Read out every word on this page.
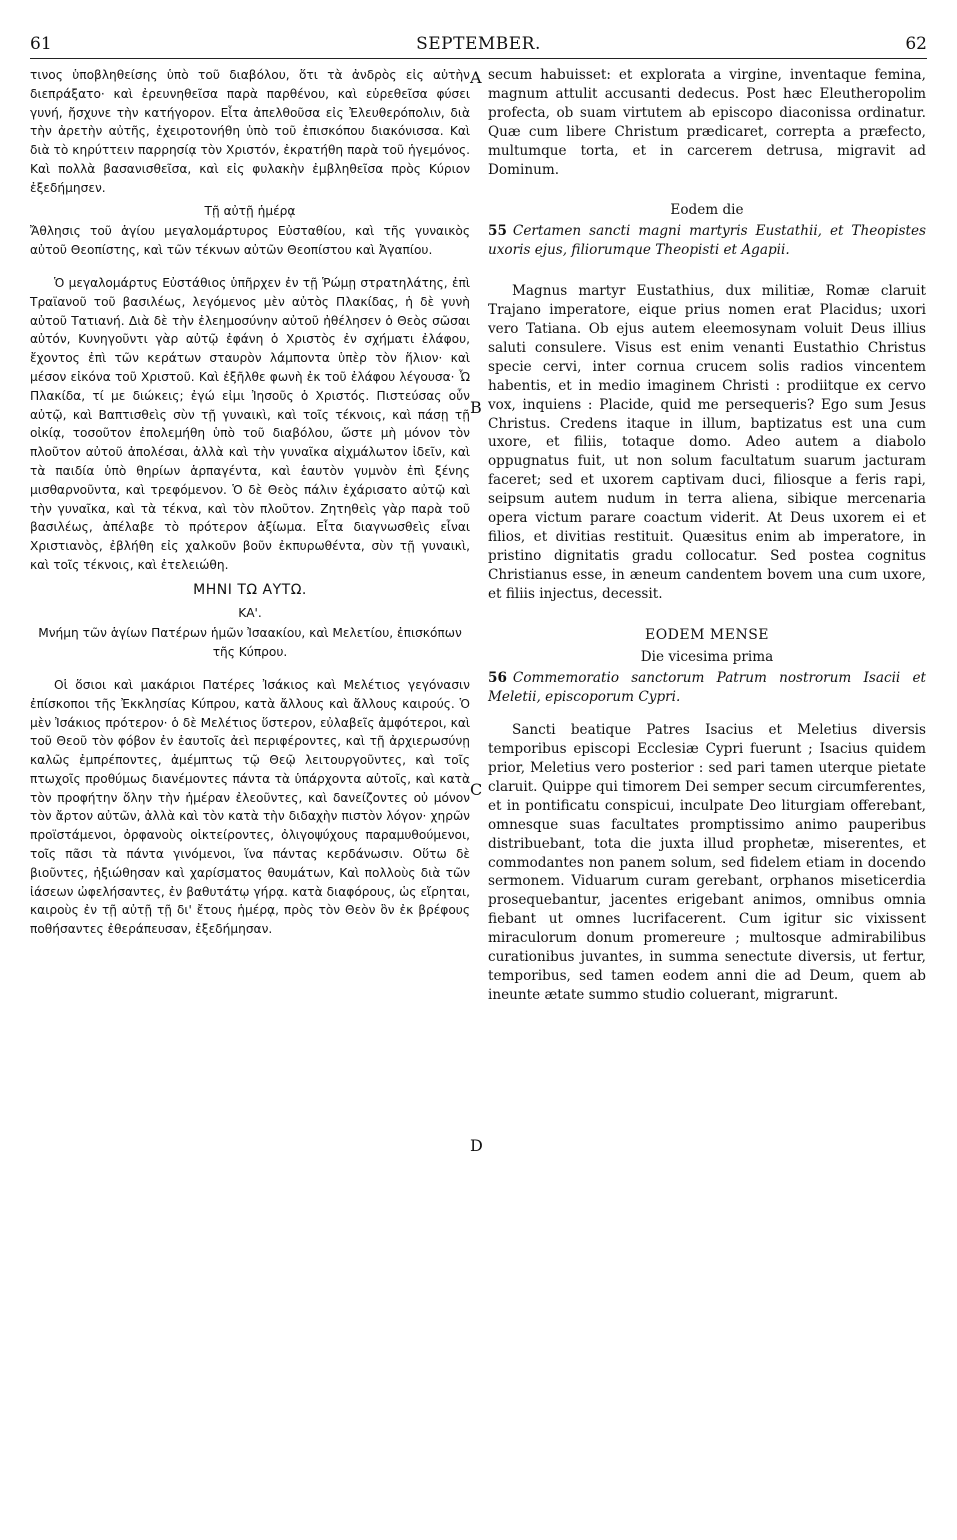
61	SEPTEMBER.	62
A
B
C
D

τινος ὑποβληθείσης ὑπὸ τοῦ διαβόλου, ὅτι τὰ ἀνδρὸς εἰς αὐτὴν διεπράξατο· καὶ ἐρευνηθεῖσα παρὰ παρθένου, καὶ εὑρεθεῖσα φύσει γυνή, ἤσχυνε τὴν κατήγορον. Εἶτα ἀπελθοῦσα εἰς Ἐλευθερόπολιν, διὰ τὴν ἀρετὴν αὐτῆς, ἐχειροτονήθη ὑπὸ τοῦ ἐπισκόπου διακόνισσα. Καὶ διὰ τὸ κηρύττειν παρρησίᾳ τὸν Χριστόν, ἐκρατήθη παρὰ τοῦ ἡγεμόνος. Καὶ πολλὰ βασανισθεῖσα, καὶ εἰς φυλακὴν ἐμβληθεῖσα πρὸς Κύριον ἐξεδήμησεν.

Τῇ αὐτῇ ἡμέρᾳ

Ἄθλησις τοῦ ἁγίου μεγαλομάρτυρος Εὐσταθίου, καὶ τῆς γυναικὸς αὐτοῦ Θεοπίστης, καὶ τῶν τέκνων αὐτῶν Θεοπίστου καὶ Ἀγαπίου.

Ὁ μεγαλομάρτυς Εὐστάθιος ὑπῆρχεν ἐν τῇ Ῥώμῃ στρατηλάτης, ἐπὶ Τραϊανοῦ τοῦ βασιλέως, λεγόμενος μὲν αὐτὸς Πλακίδας, ἡ δὲ γυνὴ αὐτοῦ Τατιανή. Διὰ δὲ τὴν ἐλεημοσύνην αὐτοῦ ἠθέλησεν ὁ Θεὸς σῶσαι αὐτόν, Κυνηγοῦντι γὰρ αὐτῷ ἐφάνη ὁ Χριστὸς ἐν σχήματι ἐλάφου, ἔχοντος ἐπὶ τῶν κεράτων σταυρὸν λάμποντα ὑπὲρ τὸν ἥλιον· καὶ μέσον εἰκόνα τοῦ Χριστοῦ. Καὶ ἐξῆλθε φωνὴ ἐκ τοῦ ἐλάφου λέγουσα· Ὦ Πλακίδα, τί με διώκεις; ἐγώ εἰμι Ἰησοῦς ὁ Χριστός. Πιστεύσας οὖν αὐτῷ, καὶ Βαπτισθεὶς σὺν τῇ γυναικὶ, καὶ τοῖς τέκνοις, καὶ πάσῃ τῇ οἰκίᾳ, τοσοῦτον ἐπολεμήθη ὑπὸ τοῦ διαβόλου, ὥστε μὴ μόνον τὸν πλοῦτον αὐτοῦ ἀπολέσαι, ἀλλὰ καὶ τὴν γυναῖκα αἰχμάλωτον ἰδεῖν, καὶ τὰ παιδία ὑπὸ θηρίων ἁρπαγέντα, καὶ ἑαυτὸν γυμνὸν ἐπὶ ξένης μισθαρνοῦντα, καὶ τρεφόμενον. Ὁ δὲ Θεὸς πάλιν ἐχάρισατο αὐτῷ καὶ τὴν γυναῖκα, καὶ τὰ τέκνα, καὶ τὸν πλοῦτον. Ζητηθεὶς γὰρ παρὰ τοῦ βασιλέως, ἀπέλαβε τὸ πρότερον ἀξίωμα. Εἶτα διαγνωσθεὶς εἶναι Χριστιανὸς, ἐβλήθη εἰς χαλκοῦν βοῦν ἐκπυρωθέντα, σὺν τῇ γυναικὶ, καὶ τοῖς τέκνοις, καὶ ἐτελειώθη.

ΜΗΝΙ ΤΩ ΑΥΤΩ.

ΚΑ'.

Μνήμη τῶν ἁγίων Πατέρων ἡμῶν Ἰσαακίου, καὶ Μελετίου, ἐπισκόπων τῆς Κύπρου.

Οἱ ὅσιοι καὶ μακάριοι Πατέρες Ἰσάκιος καὶ Μελέτιος γεγόνασιν ἐπίσκοποι τῆς Ἐκκλησίας Κύπρου, κατὰ ἄλλους καὶ ἄλλους καιρούς. Ὁ μὲν Ἰσάκιος πρότερον· ὁ δὲ Μελέτιος ὕστερον, εὐλαβεῖς ἀμφότεροι, καὶ τοῦ Θεοῦ τὸν φόβον ἐν ἑαυτοῖς ἀεὶ περιφέροντες, καὶ τῇ ἀρχιερωσύνῃ καλῶς ἐμπρέποντες, ἀμέμπτως τῷ Θεῷ λειτουργοῦντες, καὶ τοῖς πτωχοῖς προθύμως διανέμοντες πάντα τὰ ὑπάρχοντα αὐτοῖς, καὶ κατὰ τὸν προφήτην ὅλην τὴν ἡμέραν ἐλεοῦντες, καὶ δανείζοντες οὐ μόνον τὸν ἄρτον αὐτῶν, ἀλλὰ καὶ τὸν κατὰ τὴν διδαχὴν πιστὸν λόγον· χηρῶν προϊστάμενοι, ὀρφανοὺς οἰκτείροντες, ὀλιγοψύχους παραμυθούμενοι, τοῖς πᾶσι τὰ πάντα γινόμενοι, ἵνα πάντας κερδάνωσιν. Οὕτω δὲ βιοῦντες, ἠξιώθησαν καὶ χαρίσματος θαυμάτων, Καὶ πολλοὺς διὰ τῶν ἰάσεων ὠφελήσαντες, ἐν βαθυτάτῳ γήρᾳ. κατὰ διαφόρους, ὡς εἴρηται, καιροὺς ἐν τῇ αὐτῇ τῇ δι' ἔτους ἡμέρᾳ, πρὸς τὸν Θεὸν ὃν ἐκ βρέφους ποθήσαντες ἐθεράπευσαν, ἐξεδήμησαν.

secum habuisset: et explorata a virgine, inventaque femina, magnum attulit accusanti dedecus. Post hæc Eleutheropolim profecta, ob suam virtutem ab episcopo diaconissa ordinatur. Quæ cum libere Christum prædicaret, correpta a præfecto, multumque torta, et in carcerem detrusa, migravit ad Dominum.

Eodem die

55 Certamen sancti magni martyris Eustathii, et Theopistes uxoris ejus, filiorumque Theopisti et Agapii.

Magnus martyr Eustathius, dux militiæ, Romæ claruit Trajano imperatore, eique prius nomen erat Placidus; uxori vero Tatiana. Ob ejus autem eleemosynam voluit Deus illius saluti consulere. Visus est enim venanti Eustathio Christus specie cervi, inter cornua crucem solis radios vincentem habentis, et in medio imaginem Christi : prodiitque ex cervo vox, inquiens : Placide, quid me persequeris? Ego sum Jesus Christus. Credens itaque in illum, baptizatus est una cum uxore, et filiis, totaque domo. Adeo autem a diabolo oppugnatus fuit, ut non solum facultatum suarum jacturam faceret; sed et uxorem captivam duci, filiosque a feris rapi, seipsum autem nudum in terra aliena, sibique mercenaria opera victum parare coactum viderit. At Deus uxorem ei et filios, et divitias restituit. Quæsitus enim ab imperatore, in pristino dignitatis gradu collocatur. Sed postea cognitus Christianus esse, in æneum candentem bovem una cum uxore, et filiis injectus, decessit.

EODEM MENSE

Die vicesima prima

56 Commemoratio sanctorum Patrum nostrorum Isacii et Meletii, episcoporum Cypri.

Sancti beatique Patres Isacius et Meletius diversis temporibus episcopi Ecclesiæ Cypri fuerunt ; Isacius quidem prior, Meletius vero posterior : sed pari tamen uterque pietate claruit. Quippe qui timorem Dei semper secum circumferentes, et in pontificatu conspicui, inculpate Deo liturgiam offerebant, omnesque suas facultates promptissimo animo pauperibus distribuebant, tota die juxta illud prophetæ, miserentes, et commodantes non panem solum, sed fidelem etiam in docendo sermonem. Viduarum curam gerebant, orphanos miseticerdia prosequebantur, jacentes erigebant animos, omnibus omnia fiebant ut omnes lucrifacerent. Cum igitur sic vixissent miraculorum donum promereure ; multosque admirabilibus curationibus juvantes, in summa senectute diversis, ut fertur, temporibus, sed tamen eodem anni die ad Deum, quem ab ineunte ætate summo studio coluerant, migrarunt.
